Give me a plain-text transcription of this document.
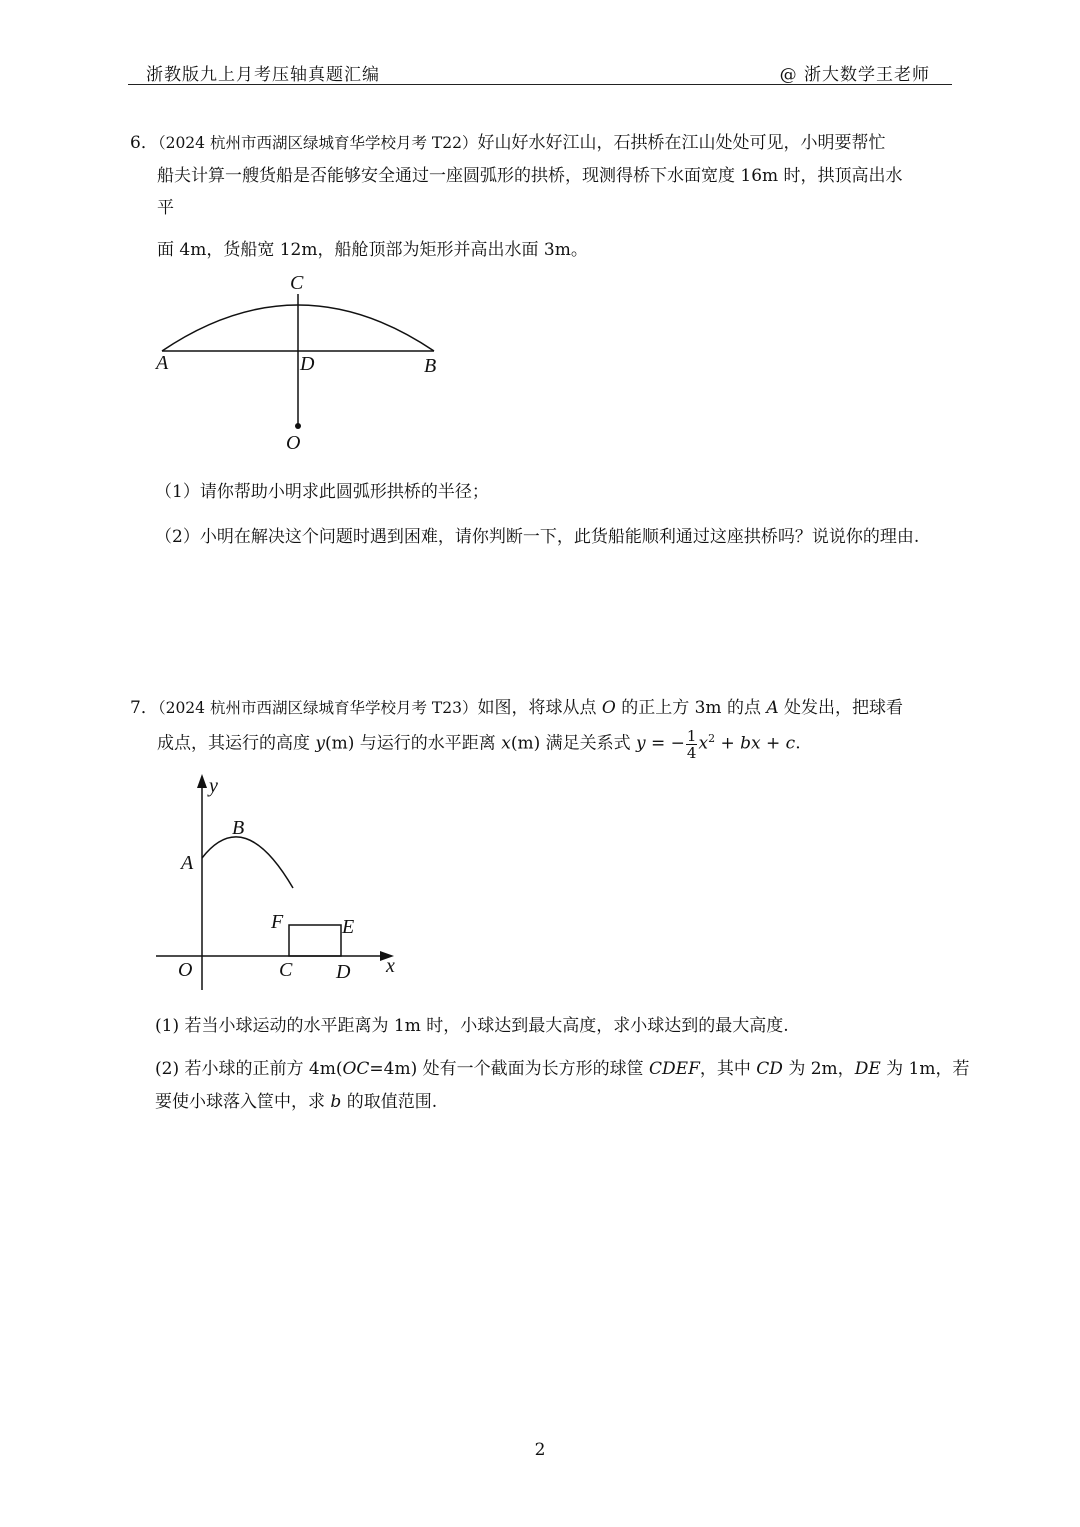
浙教版九上月考压轴真题汇编	@ 浙大数学王老师
6．（2024 杭州市西湖区绿城育华学校月考 T22）好山好水好江山，石拱桥在江山处处可见，小明要帮忙
船夫计算一艘货船是否能够安全通过一座圆弧形的拱桥，现测得桥下水面宽度 16m 时，拱顶高出水
平
面 4m，货船宽 12m，船舱顶部为矩形并高出水面 3m。
A	B
C
D
O
（1）请你帮助小明求此圆弧形拱桥的半径；
（2）小明在解决这个问题时遇到困难，请你判断一下，此货船能顺利通过这座拱桥吗？说说你的理由.
7．（2024 杭州市西湖区绿城育华学校月考 T23）如图，将球从点 O 的正上方 3m 的点 A 处发出，把球看
成点，其运行的高度 y(m) 与运行的水平距离 x(m) 满足关系式 y = − $\frac{1}{4} x^2$ + bx + c.
y
x
O
A
B
C D
E
F
(1) 若当小球运动的水平距离为 1m 时，小球达到最大高度，求小球达到的最大高度.
(2) 若小球的正前方 4m(OC=4m) 处有一个截面为长方形的球筐 CDEF，其中 CD 为 2m，DE 为 1m，若
要使小球落入筐中，求 b 的取值范围.
2
